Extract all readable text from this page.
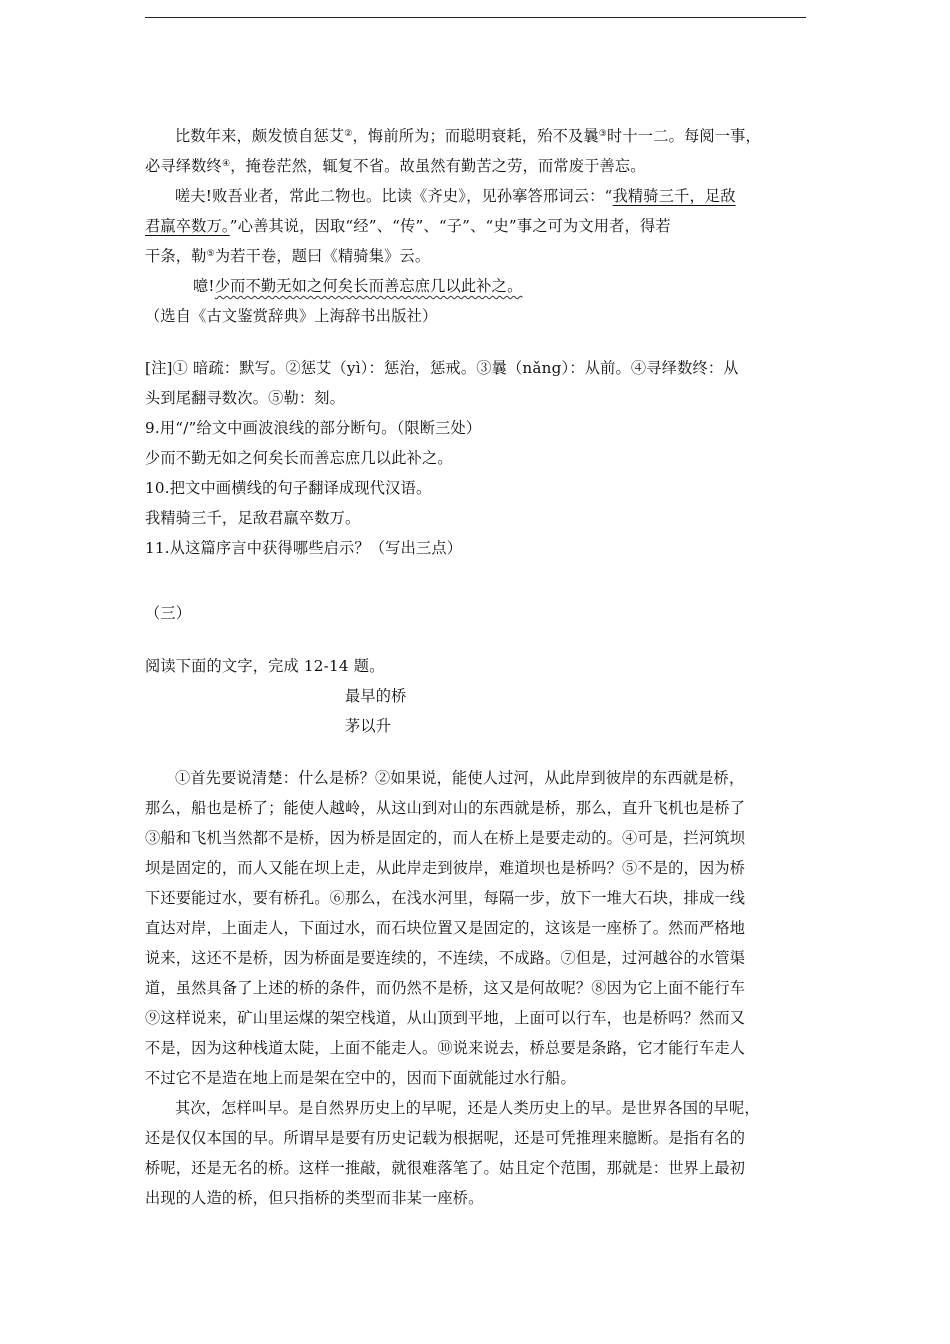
比数年来，颇发愤自惩艾②，悔前所为；而聪明衰耗，殆不及曩③时十一二。每阅一事，
必寻绎数终④，掩卷茫然，辄复不省。故虽然有勤苦之劳，而常废于善忘。
嗟夫!败吾业者，常此二物也。比读《齐史》，见孙搴答邢词云：“我精骑三千，足敌
君羸卒数万。”心善其说，因取“经”、“传”、“子”、“史”事之可为文用者，得若
干条，勒⑤为若干卷，题曰《精骑集》云。
噫!少而不勤无如之何矣长而善忘庶几以此补之。
（选自《古文鉴赏辞典》上海辞书出版社）
[注]① 暗疏：默写。②惩艾（yì）：惩治，惩戒。③曩（nǎng）：从前。④寻绎数终：从
头到尾翻寻数次。⑤勒：刻。
9.用“/”给文中画波浪线的部分断句。（限断三处）
少而不勤无如之何矣长而善忘庶几以此补之。
10.把文中画横线的句子翻译成现代汉语。
我精骑三千，足敌君羸卒数万。
11.从这篇序言中获得哪些启示？（写出三点）
（三）
阅读下面的文字，完成 12-14 题。
最早的桥
茅以升
①首先要说清楚：什么是桥？②如果说，能使人过河，从此岸到彼岸的东西就是桥，
那么，船也是桥了；能使人越岭，从这山到对山的东西就是桥，那么，直升飞机也是桥了
③船和飞机当然都不是桥，因为桥是固定的，而人在桥上是要走动的。④可是，拦河筑坝
坝是固定的，而人又能在坝上走，从此岸走到彼岸，难道坝也是桥吗？⑤不是的，因为桥
下还要能过水，要有桥孔。⑥那么，在浅水河里，每隔一步，放下一堆大石块，排成一线
直达对岸，上面走人，下面过水，而石块位置又是固定的，这该是一座桥了。然而严格地
说来，这还不是桥，因为桥面是要连续的，不连续，不成路。⑦但是，过河越谷的水管渠
道，虽然具备了上述的桥的条件，而仍然不是桥，这又是何故呢？⑧因为它上面不能行车
⑨这样说来，矿山里运煤的架空栈道，从山顶到平地，上面可以行车，也是桥吗？然而又
不是，因为这种栈道太陡，上面不能走人。⑩说来说去，桥总要是条路，它才能行车走人
不过它不是造在地上而是架在空中的，因而下面就能过水行船。
其次，怎样叫早。是自然界历史上的早呢，还是人类历史上的早。是世界各国的早呢，
还是仅仅本国的早。所谓早是要有历史记载为根据呢，还是可凭推理来臆断。是指有名的
桥呢，还是无名的桥。这样一推敲，就很难落笔了。姑且定个范围，那就是：世界上最初
出现的人造的桥，但只指桥的类型而非某一座桥。
